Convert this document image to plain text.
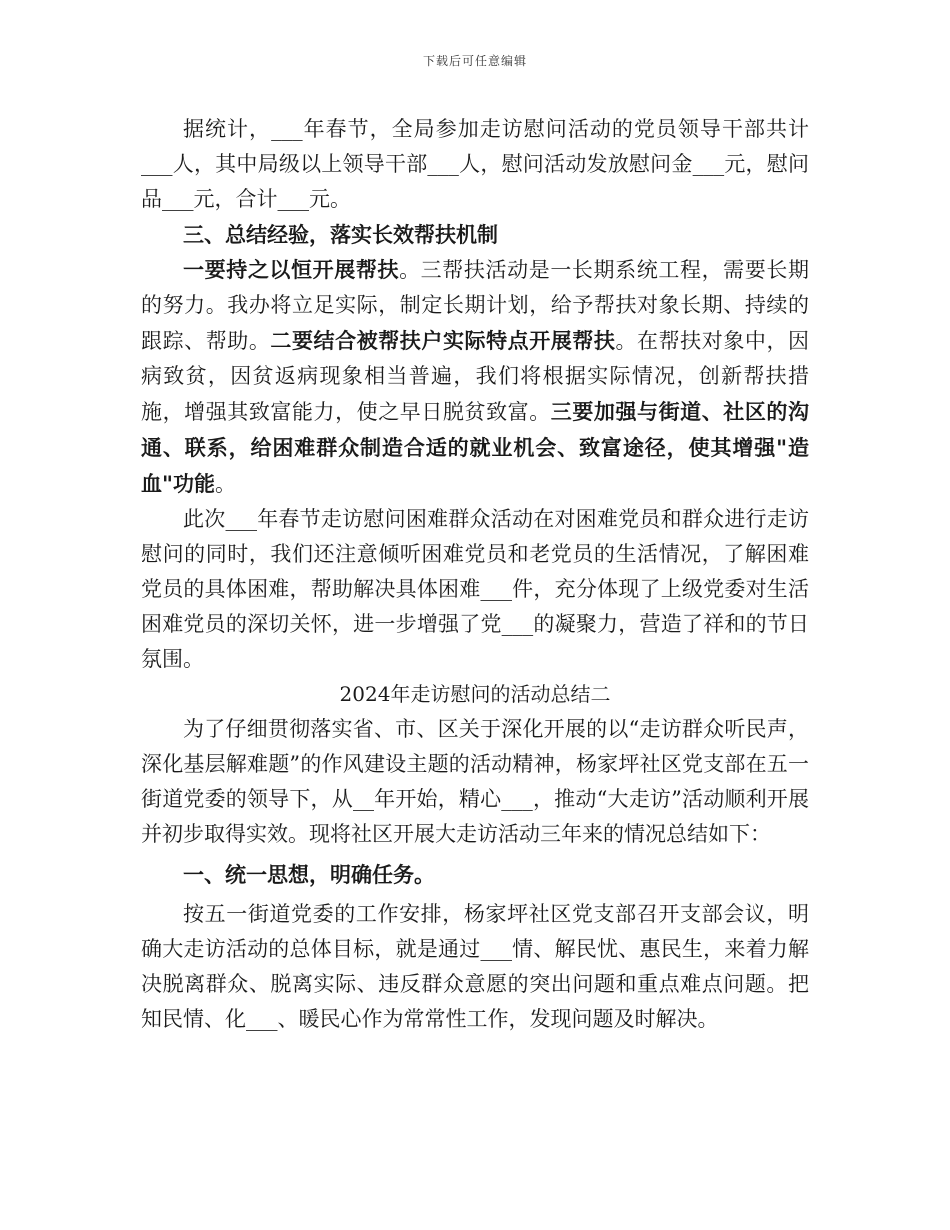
下载后可任意编辑

据统计，___年春节，全局参加走访慰问活动的党员领导干部共计___人，其中局级以上领导干部___人，慰问活动发放慰问金___元，慰问品___元，合计___元。

三、总结经验，落实长效帮扶机制

一要持之以恒开展帮扶。三帮扶活动是一长期系统工程，需要长期的努力。我办将立足实际，制定长期计划，给予帮扶对象长期、持续的跟踪、帮助。二要结合被帮扶户实际特点开展帮扶。在帮扶对象中，因病致贫，因贫返病现象相当普遍，我们将根据实际情况，创新帮扶措施，增强其致富能力，使之早日脱贫致富。三要加强与街道、社区的沟通、联系，给困难群众制造合适的就业机会、致富途径，使其增强"造血"功能。

此次___年春节走访慰问困难群众活动在对困难党员和群众进行走访慰问的同时，我们还注意倾听困难党员和老党员的生活情况，了解困难党员的具体困难，帮助解决具体困难___件，充分体现了上级党委对生活困难党员的深切关怀，进一步增强了党___的凝聚力，营造了祥和的节日氛围。

2024年走访慰问的活动总结二

为了仔细贯彻落实省、市、区关于深化开展的以“走访群众听民声，深化基层解难题”的作风建设主题的活动精神，杨家坪社区党支部在五一街道党委的领导下，从__年开始，精心___，推动“大走访”活动顺利开展并初步取得实效。现将社区开展大走访活动三年来的情况总结如下：

一、统一思想，明确任务。

按五一街道党委的工作安排，杨家坪社区党支部召开支部会议，明确大走访活动的总体目标，就是通过___情、解民忧、惠民生，来着力解决脱离群众、脱离实际、违反群众意愿的突出问题和重点难点问题。把知民情、化___、暖民心作为常常性工作，发现问题及时解决。
